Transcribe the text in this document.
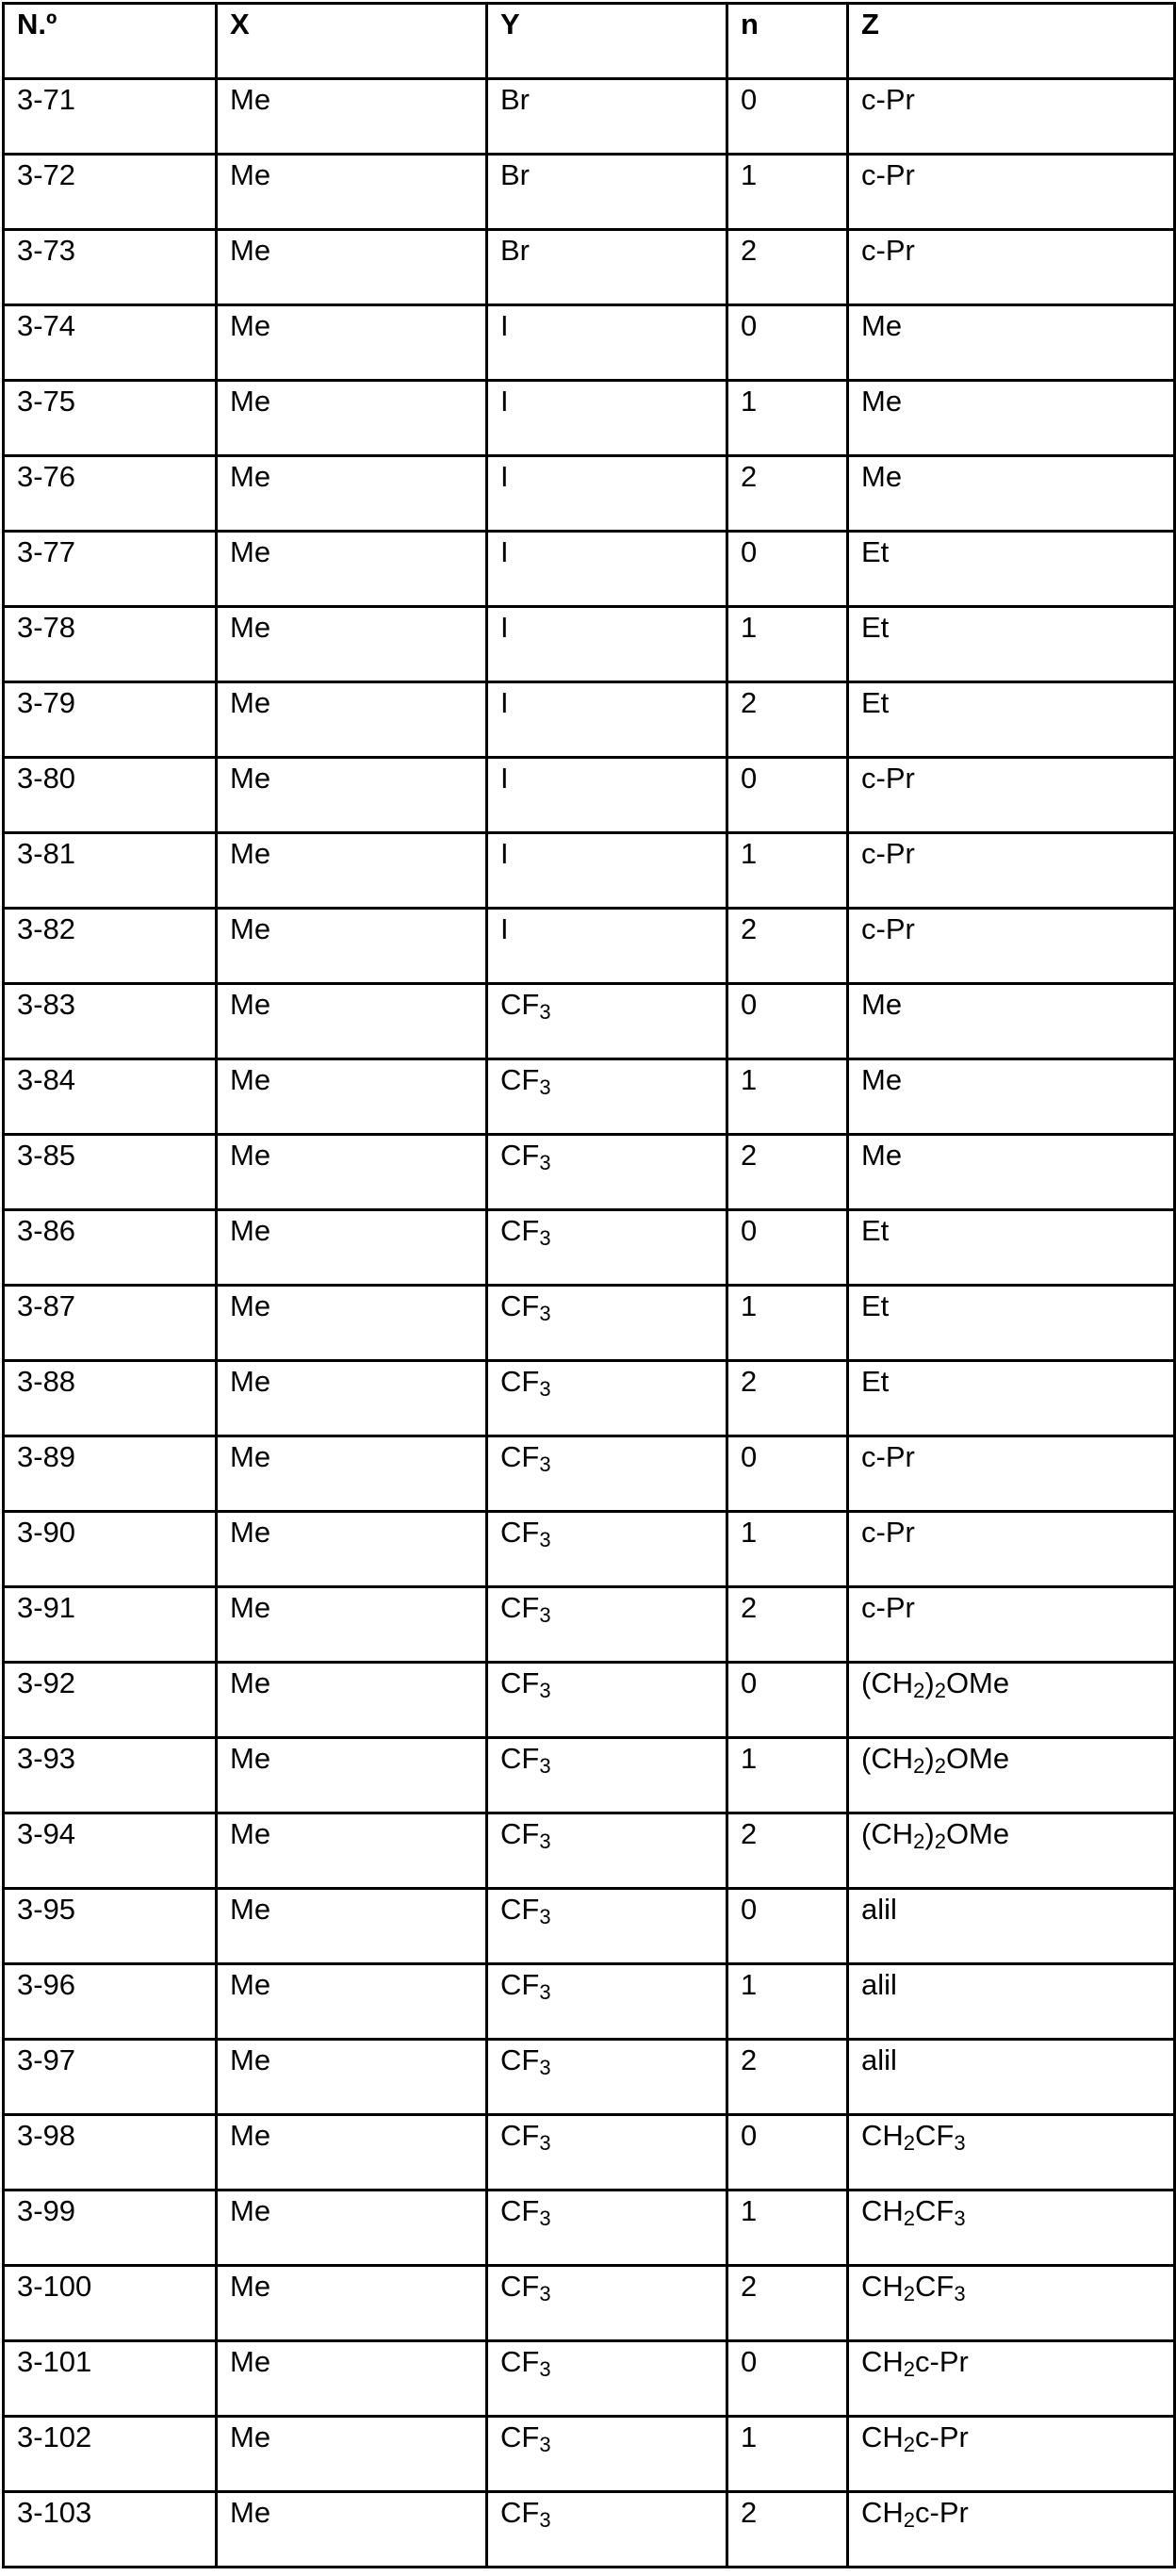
N.º	X	Y	n	Z
3-71	Me	Br	0	c-Pr
3-72	Me	Br	1	c-Pr
3-73	Me	Br	2	c-Pr
3-74	Me	I	0	Me
3-75	Me	I	1	Me
3-76	Me	I	2	Me
3-77	Me	I	0	Et
3-78	Me	I	1	Et
3-79	Me	I	2	Et
3-80	Me	I	0	c-Pr
3-81	Me	I	1	c-Pr
3-82	Me	I	2	c-Pr
3-83	Me	$CF_3$	0	Me
3-84	Me	$CF_3$	1	Me
3-85	Me	$CF_3$	2	Me
3-86	Me	$CF_3$	0	Et
3-87	Me	$CF_3$	1	Et
3-88	Me	$CF_3$	2	Et
3-89	Me	$CF_3$	0	c-Pr
3-90	Me	$CF_3$	1	c-Pr
3-91	Me	$CF_3$	2	c-Pr
3-92	Me	$CF_3$	0	$(CH_2)_2OMe$
3-93	Me	$CF_3$	1	$(CH_2)_2OMe$
3-94	Me	$CF_3$	2	$(CH_2)_2OMe$
3-95	Me	$CF_3$	0	alil
3-96	Me	$CF_3$	1	alil
3-97	Me	$CF_3$	2	alil
3-98	Me	$CF_3$	0	$CH_2CF_3$
3-99	Me	$CF_3$	1	$CH_2CF_3$
3-100	Me	$CF_3$	2	$CH_2CF_3$
3-101	Me	$CF_3$	0	$CH_2c-Pr$
3-102	Me	$CF_3$	1	$CH_2c-Pr$
3-103	Me	$CF_3$	2	$CH_2c-Pr$
